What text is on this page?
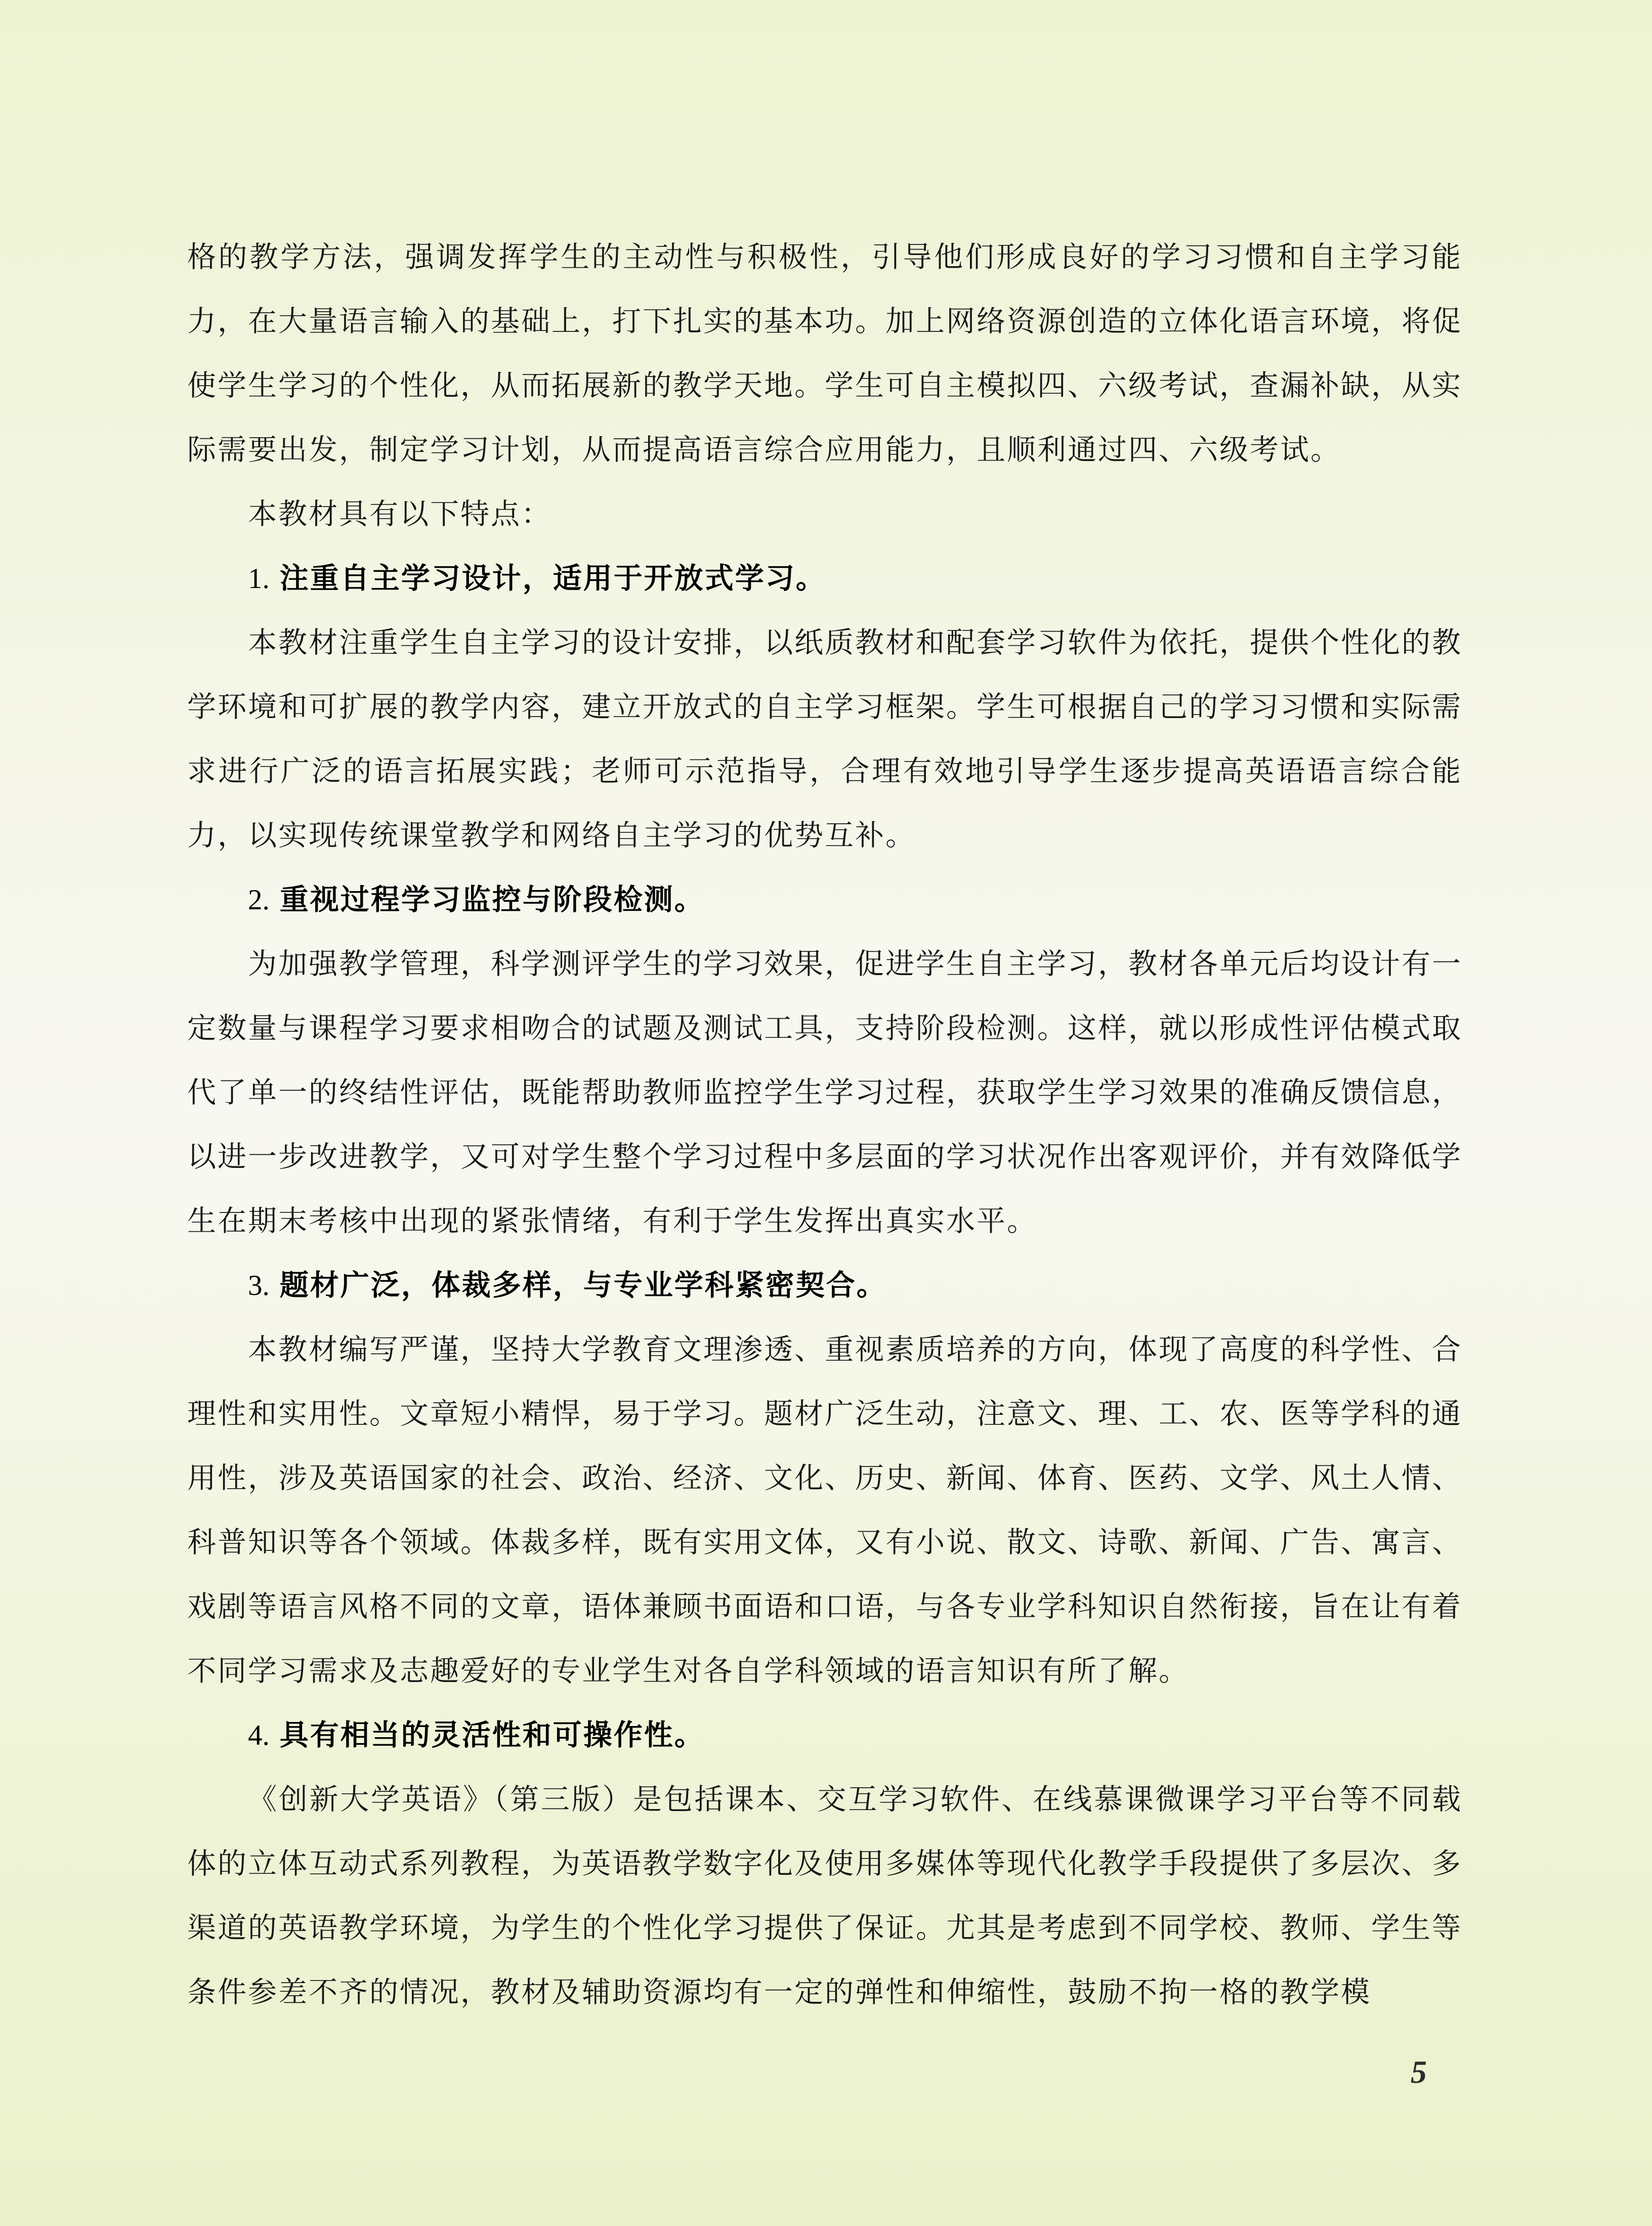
格的教学方法，强调发挥学生的主动性与积极性，引导他们形成良好的学习习惯和自主学习能力，在大量语言输入的基础上，打下扎实的基本功。加上网络资源创造的立体化语言环境，将促使学生学习的个性化，从而拓展新的教学天地。学生可自主模拟四、六级考试，查漏补缺，从实际需要出发，制定学习计划，从而提高语言综合应用能力，且顺利通过四、六级考试。

本教材具有以下特点：

1. 注重自主学习设计，适用于开放式学习。

本教材注重学生自主学习的设计安排，以纸质教材和配套学习软件为依托，提供个性化的教学环境和可扩展的教学内容，建立开放式的自主学习框架。学生可根据自己的学习习惯和实际需求进行广泛的语言拓展实践；老师可示范指导，合理有效地引导学生逐步提高英语语言综合能力，以实现传统课堂教学和网络自主学习的优势互补。

2. 重视过程学习监控与阶段检测。

为加强教学管理，科学测评学生的学习效果，促进学生自主学习，教材各单元后均设计有一定数量与课程学习要求相吻合的试题及测试工具，支持阶段检测。这样，就以形成性评估模式取代了单一的终结性评估，既能帮助教师监控学生学习过程，获取学生学习效果的准确反馈信息，以进一步改进教学，又可对学生整个学习过程中多层面的学习状况作出客观评价，并有效降低学生在期末考核中出现的紧张情绪，有利于学生发挥出真实水平。

3. 题材广泛，体裁多样，与专业学科紧密契合。

本教材编写严谨，坚持大学教育文理渗透、重视素质培养的方向，体现了高度的科学性、合理性和实用性。文章短小精悍，易于学习。题材广泛生动，注意文、理、工、农、医等学科的通用性，涉及英语国家的社会、政治、经济、文化、历史、新闻、体育、医药、文学、风土人情、科普知识等各个领域。体裁多样，既有实用文体，又有小说、散文、诗歌、新闻、广告、寓言、戏剧等语言风格不同的文章，语体兼顾书面语和口语，与各专业学科知识自然衔接，旨在让有着不同学习需求及志趣爱好的专业学生对各自学科领域的语言知识有所了解。

4. 具有相当的灵活性和可操作性。

《创新大学英语》（第三版）是包括课本、交互学习软件、在线慕课微课学习平台等不同载体的立体互动式系列教程，为英语教学数字化及使用多媒体等现代化教学手段提供了多层次、多渠道的英语教学环境，为学生的个性化学习提供了保证。尤其是考虑到不同学校、教师、学生等条件参差不齐的情况，教材及辅助资源均有一定的弹性和伸缩性，鼓励不拘一格的教学模

5
